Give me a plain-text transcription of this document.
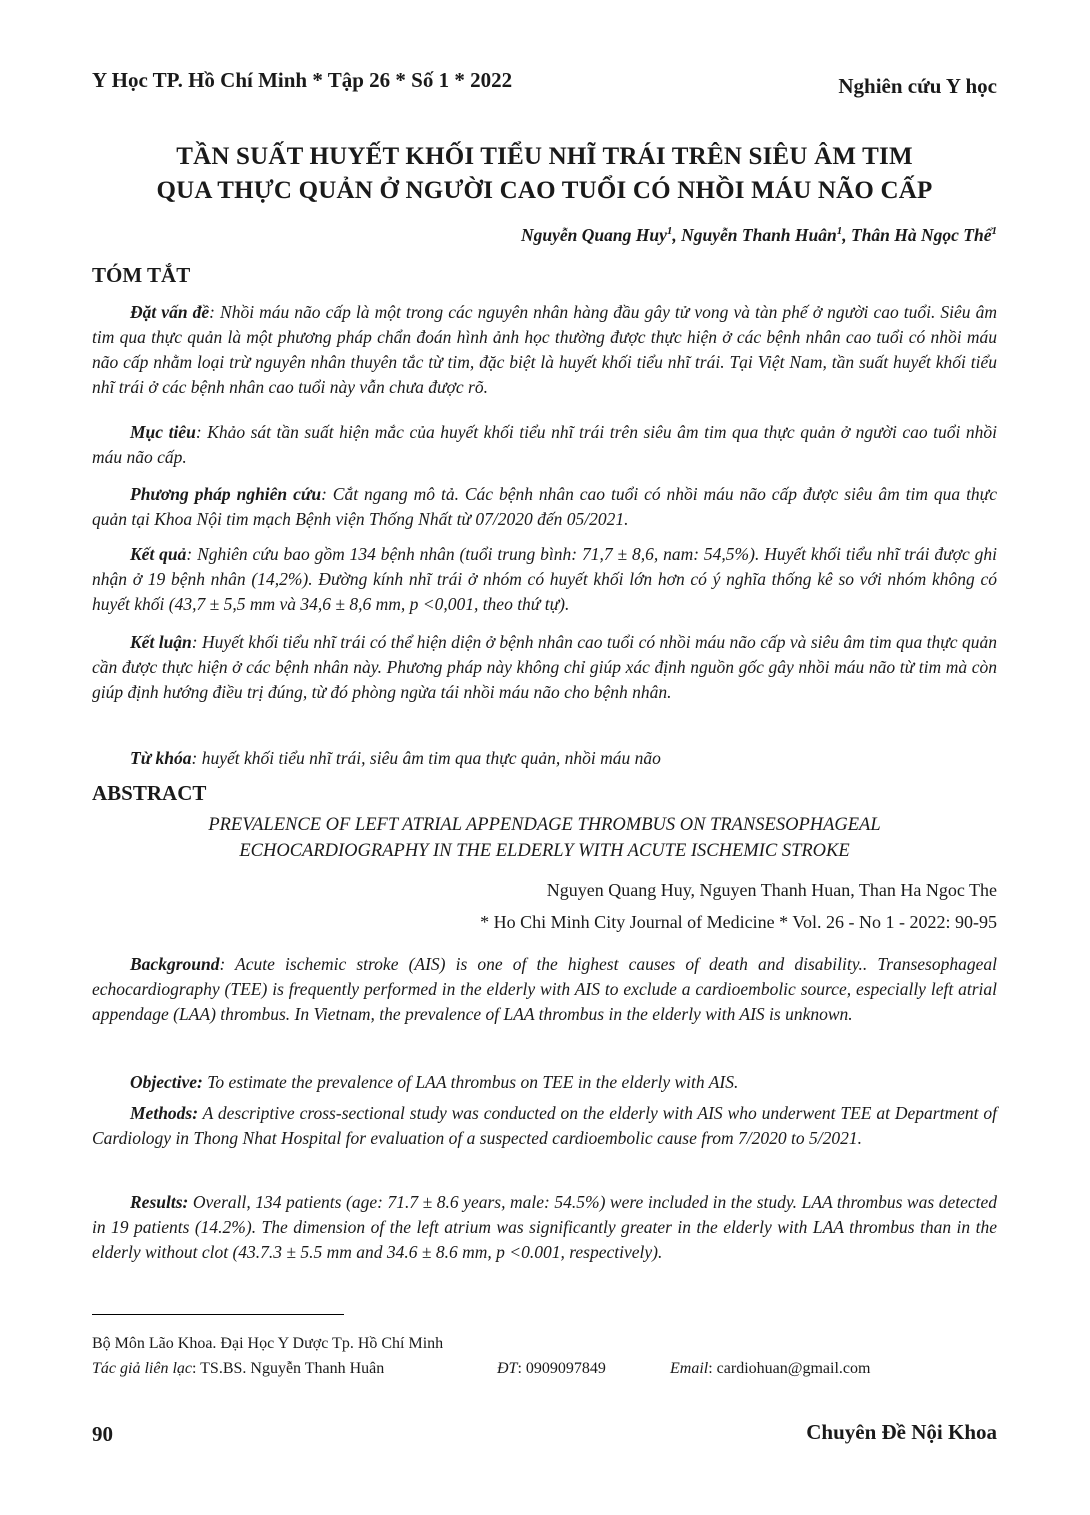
Y Học TP. Hồ Chí Minh * Tập 26 * Số 1 * 2022	Nghiên cứu Y học
TẦN SUẤT HUYẾT KHỐI TIỂU NHĨ TRÁI TRÊN SIÊU ÂM TIM
QUA THỰC QUẢN Ở NGƯỜI CAO TUỔI CÓ NHỒI MÁU NÃO CẤP
Nguyễn Quang Huy$^1$, Nguyễn Thanh Huân$^1$, Thân Hà Ngọc Thể$^1$
TÓM TẮT

Đặt vấn đề: Nhồi máu não cấp là một trong các nguyên nhân hàng đầu gây tử vong và tàn phế ở người cao tuổi. Siêu âm tim qua thực quản là một phương pháp chẩn đoán hình ảnh học thường được thực hiện ở các bệnh nhân cao tuổi có nhồi máu não cấp nhằm loại trừ nguyên nhân thuyên tắc từ tim, đặc biệt là huyết khối tiểu nhĩ trái. Tại Việt Nam, tần suất huyết khối tiểu nhĩ trái ở các bệnh nhân cao tuổi này vẫn chưa được rõ.

Mục tiêu: Khảo sát tần suất hiện mắc của huyết khối tiểu nhĩ trái trên siêu âm tim qua thực quản ở người cao tuổi nhồi máu não cấp.

Phương pháp nghiên cứu: Cắt ngang mô tả. Các bệnh nhân cao tuổi có nhồi máu não cấp được siêu âm tim qua thực quản tại Khoa Nội tim mạch Bệnh viện Thống Nhất từ 07/2020 đến 05/2021.

Kết quả: Nghiên cứu bao gồm 134 bệnh nhân (tuổi trung bình: 71,7 ± 8,6, nam: 54,5%). Huyết khối tiểu nhĩ trái được ghi nhận ở 19 bệnh nhân (14,2%). Đường kính nhĩ trái ở nhóm có huyết khối lớn hơn có ý nghĩa thống kê so với nhóm không có huyết khối (43,7 ± 5,5 mm và 34,6 ± 8,6 mm, p <0,001, theo thứ tự).

Kết luận: Huyết khối tiểu nhĩ trái có thể hiện diện ở bệnh nhân cao tuổi có nhồi máu não cấp và siêu âm tim qua thực quản cần được thực hiện ở các bệnh nhân này. Phương pháp này không chỉ giúp xác định nguồn gốc gây nhồi máu não từ tim mà còn giúp định hướng điều trị đúng, từ đó phòng ngừa tái nhồi máu não cho bệnh nhân.

Từ khóa: huyết khối tiểu nhĩ trái, siêu âm tim qua thực quản, nhồi máu não

ABSTRACT
PREVALENCE OF LEFT ATRIAL APPENDAGE THROMBUS ON TRANSESOPHAGEAL
ECHOCARDIOGRAPHY IN THE ELDERLY WITH ACUTE ISCHEMIC STROKE
Nguyen Quang Huy, Nguyen Thanh Huan, Than Ha Ngoc The
* Ho Chi Minh City Journal of Medicine * Vol. 26 - No 1 - 2022: 90-95

Background: Acute ischemic stroke (AIS) is one of the highest causes of death and disability.. Transesophageal echocardiography (TEE) is frequently performed in the elderly with AIS to exclude a cardioembolic source, especially left atrial appendage (LAA) thrombus. In Vietnam, the prevalence of LAA thrombus in the elderly with AIS is unknown.

Objective: To estimate the prevalence of LAA thrombus on TEE in the elderly with AIS.

Methods: A descriptive cross-sectional study was conducted on the elderly with AIS who underwent TEE at Department of Cardiology in Thong Nhat Hospital for evaluation of a suspected cardioembolic cause from 7/2020 to 5/2021.

Results: Overall, 134 patients (age: 71.7 ± 8.6 years, male: 54.5%) were included in the study. LAA thrombus was detected in 19 patients (14.2%). The dimension of the left atrium was significantly greater in the elderly with LAA thrombus than in the elderly without clot (43.7.3 ± 5.5 mm and 34.6 ± 8.6 mm, p <0.001, respectively).

Bộ Môn Lão Khoa. Đại Học Y Dược Tp. Hồ Chí Minh
Tác giả liên lạc: TS.BS. Nguyễn Thanh Huân	ĐT: 0909097849	Email: cardiohuan@gmail.com
90	Chuyên Đề Nội Khoa
